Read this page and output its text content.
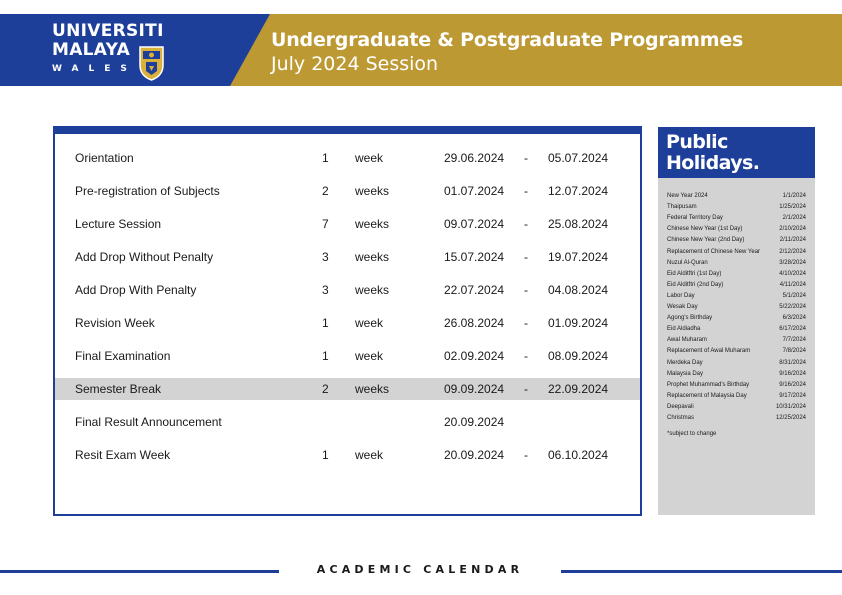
UNIVERSITI
MALAYA
WALES
Undergraduate & Postgraduate Programmes
July 2024 Session
Orientation	1 week	29.06.2024 - 05.07.2024
Pre-registration of Subjects	2 weeks	01.07.2024 - 12.07.2024
Lecture Session	7 weeks	09.07.2024 - 25.08.2024
Add Drop Without Penalty	3 weeks	15.07.2024 - 19.07.2024
Add Drop With Penalty	3 weeks	22.07.2024 - 04.08.2024
Revision Week	1 week	26.08.2024 - 01.09.2024
Final Examination	1 week	02.09.2024 - 08.09.2024
Semester Break	2 weeks	09.09.2024 - 22.09.2024
Final Result Announcement	20.09.2024
Resit Exam Week	1 week	20.09.2024 - 06.10.2024
Public
Holidays.
New Year 2024	1/1/2024
Thaipusam	1/25/2024
Federal Territory Day	2/1/2024
Chinese New Year (1st Day)	2/10/2024
Chinese New Year (2nd Day)	2/11/2024
Replacement of Chinese New Year	2/12/2024
Nuzul Al-Quran	3/28/2024
Eid Alditftri (1st Day)	4/10/2024
Eid Alditftri (2nd Day)	4/11/2024
Labor Day	5/1/2024
Wesak Day	5/22/2024
Agong's Birthday	6/3/2024
Eid Aldiadha	6/17/2024
Awal Muharam	7/7/2024
Replacement of Awal Muharam	7/8/2024
Merdeka Day	8/31/2024
Malaysia Day	9/16/2024
Prophet Muhammad's Birthday	9/16/2024
Replacement of Malaysia Day	9/17/2024
Deepavali	10/31/2024
Christmas	12/25/2024
*subject to change
ACADEMIC CALENDAR
